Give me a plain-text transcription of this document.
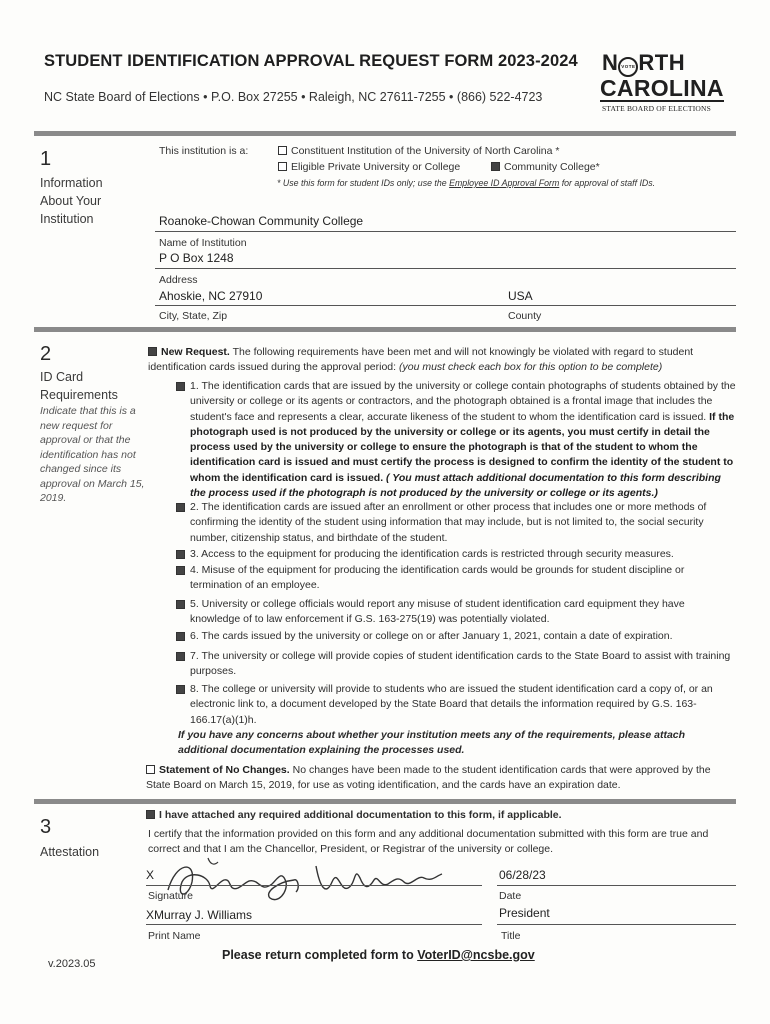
STUDENT IDENTIFICATION APPROVAL REQUEST FORM 2023-2024
NC State Board of Elections • P.O. Box 27255 • Raleigh, NC 27611-7255 • (866) 522-4723
N VOTE RTH
CAROLINA
STATE BOARD OF ELECTIONS
1
Information About Your Institution
This institution is a:	Constituent Institution of the University of North Carolina *
Eligible Private University or College	Community College*
* Use this form for student IDs only; use the Employee ID Approval Form for approval of staff IDs.
Roanoke-Chowan Community College
Name of Institution
P O Box 1248
Address
Ahoskie, NC 27910	USA
City, State, Zip	County
2
ID Card Requirements
Indicate that this is a new request for approval or that the identification has not changed since its approval on March 15, 2019.
New Request. The following requirements have been met and will not knowingly be violated with regard to student identification cards issued during the approval period: (you must check each box for this option to be complete)
1. The identification cards that are issued by the university or college contain photographs of students obtained by the university or college or its agents or contractors, and the photograph obtained is a frontal image that includes the student's face and represents a clear, accurate likeness of the student to whom the identification card is issued. If the photograph used is not produced by the university or college or its agents, you must certify in detail the process used by the university or college to ensure the photograph is that of the student to whom the identification card is issued and must certify the process is designed to confirm the identity of the student to whom the identification card is issued. ( You must attach additional documentation to this form describing the process used if the photograph is not produced by the university or college or its agents.)
2. The identification cards are issued after an enrollment or other process that includes one or more methods of confirming the identity of the student using information that may include, but is not limited to, the social security number, citizenship status, and birthdate of the student.
3. Access to the equipment for producing the identification cards is restricted through security measures.
4. Misuse of the equipment for producing the identification cards would be grounds for student discipline or termination of an employee.
5. University or college officials would report any misuse of student identification card equipment they have knowledge of to law enforcement if G.S. 163-275(19) was potentially violated.
6. The cards issued by the university or college on or after January 1, 2021, contain a date of expiration.
7. The university or college will provide copies of student identification cards to the State Board to assist with training purposes.
8. The college or university will provide to students who are issued the student identification card a copy of, or an electronic link to, a document developed by the State Board that details the information required by G.S. 163-166.17(a)(1)h.
If you have any concerns about whether your institution meets any of the requirements, please attach additional documentation explaining the processes used.
Statement of No Changes. No changes have been made to the student identification cards that were approved by the State Board on March 15, 2019, for use as voting identification, and the cards have an expiration date.
3
Attestation
I have attached any required additional documentation to this form, if applicable.
I certify that the information provided on this form and any additional documentation submitted with this form are true and correct and that I am the Chancellor, President, or Registrar of the university or college.
X	06/28/23
Signature	Date
XMurray J. Williams	President
Print Name	Title
v.2023.05
Please return completed form to VoterID@ncsbe.gov
